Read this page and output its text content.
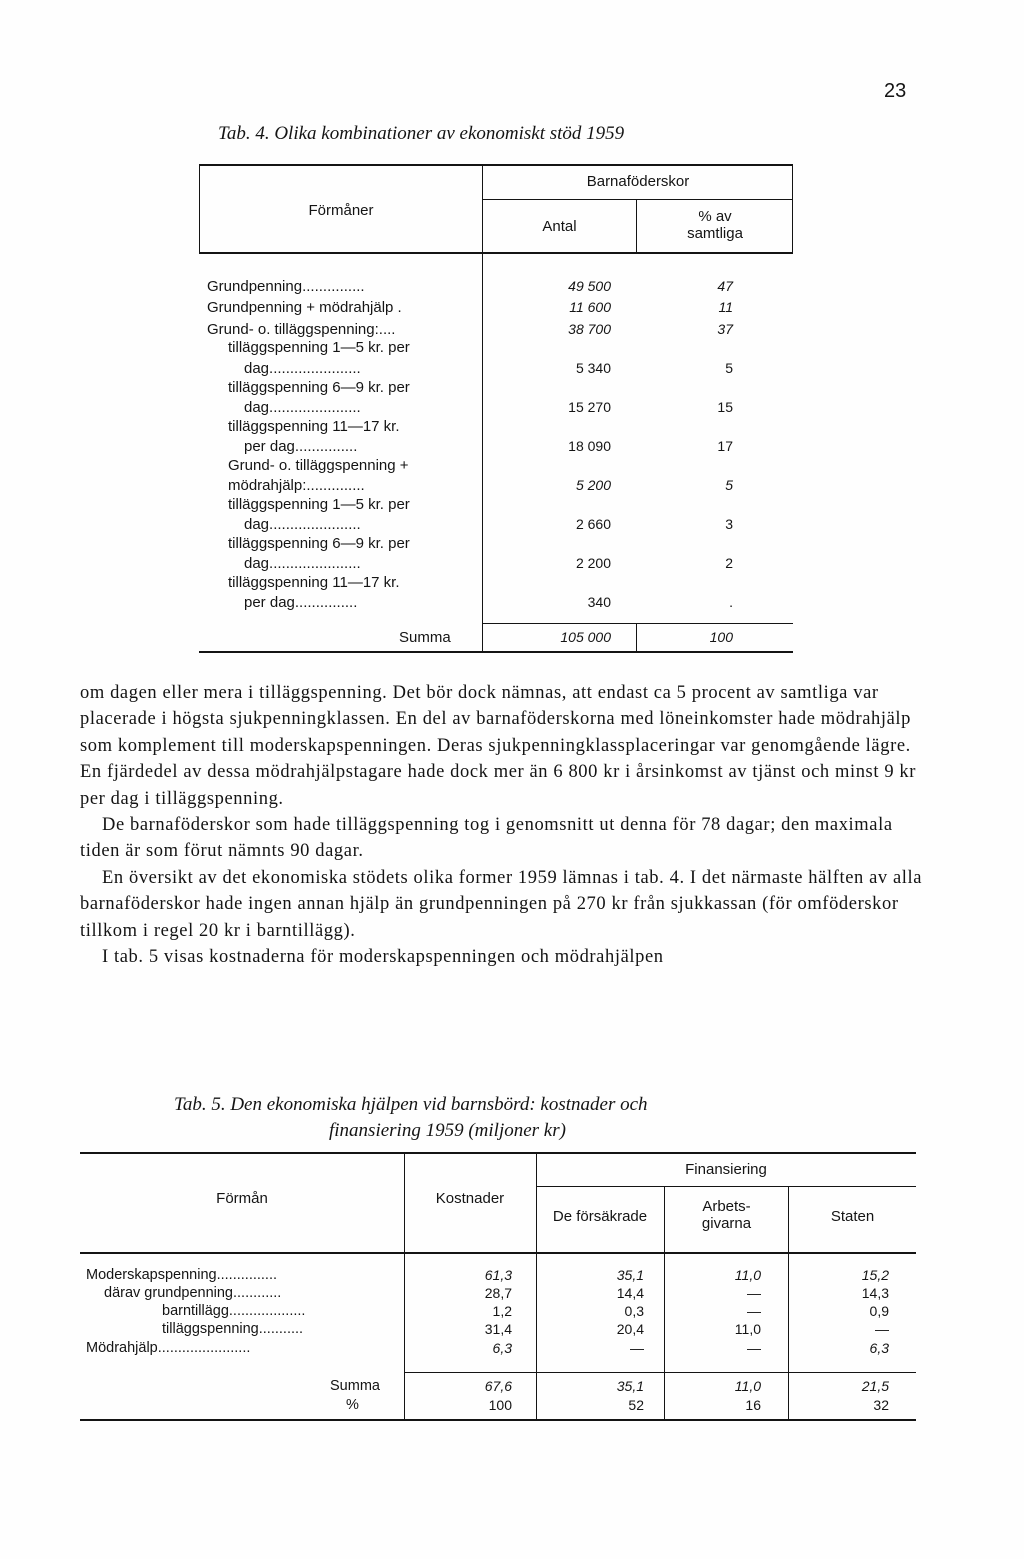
23
Tab. 4. Olika kombinationer av ekonomiskt stöd 1959
Förmåner
Barnaföderskor
Antal
% av
samtliga
Grundpenning...............	49 500	47
Grundpenning + mödrahjälp .	11 600	11
Grund- o. tilläggspenning:....	38 700	37
tilläggspenning 1—5 kr. per
dag......................	5 340	5
tilläggspenning 6—9 kr. per
dag......................	15 270	15
tilläggspenning 11—17 kr.
per dag...............	18 090	17
Grund- o. tilläggspenning +
mödrahjälp:..............	5 200	5
tilläggspenning 1—5 kr. per
dag......................	2 660	3
tilläggspenning 6—9 kr. per
dag......................	2 200	2
tilläggspenning 11—17 kr.
per dag...............	340	.
Summa	105 000	100

om dagen eller mera i tilläggspenning. Det bör dock nämnas, att endast ca 5 procent av samtliga var placerade i högsta sjukpenningklassen. En del av barnaföderskorna med löneinkomster hade mödrahjälp som komplement till moderskapspenningen. Deras sjukpenningklassplaceringar var genomgående lägre. En fjärdedel av dessa mödrahjälpstagare hade dock mer än 6 800 kr i årsinkomst av tjänst och minst 9 kr per dag i tilläggspenning.

De barnaföderskor som hade tilläggspenning tog i genomsnitt ut denna för 78 dagar; den maximala tiden är som förut nämnts 90 dagar.

En översikt av det ekonomiska stödets olika former 1959 lämnas i tab. 4. I det närmaste hälften av alla barnaföderskor hade ingen annan hjälp än grundpenningen på 270 kr från sjukkassan (för omföderskor tillkom i regel 20 kr i barntillägg).

I tab. 5 visas kostnaderna för moderskapspenningen och mödrahjälpen

Tab. 5. Den ekonomiska hjälpen vid barnsbörd: kostnader och
finansiering 1959 (miljoner kr)
Förmån	Kostnader
Finansiering
De försäkrade
Arbets-
givarna	Staten
Moderskapspenning...............	61,3	35,1	11,0	15,2
därav grundpenning............	28,7	14,4	—	14,3
barntillägg...................	1,2	0,3	—	0,9
tilläggspenning...........	31,4	20,4	11,0	—
Mödrahjälp.......................	6,3	—	—	6,3
Summa	67,6	35,1	11,0	21,5
%	100	52	16	32
